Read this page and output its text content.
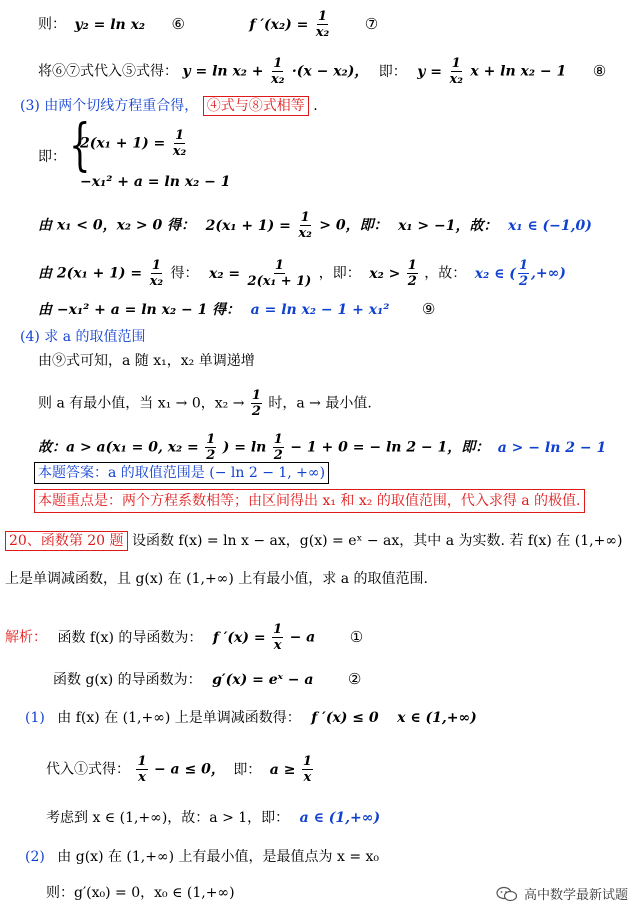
则： y₂ = ln x₂ ⑥	f $'(x_2) = \frac{1}{\text{x₂}}$ ⑦
将⑥⑦式代入⑤式得： $y = \ln x_2 + \frac{1}{\text{x₂}} \cdot(x - x_2)$， 即： $y = \frac{1}{\text{x₂}}$ x + ln x₂ − 1 ⑧
(3) 由两个切线方程重合得， ④式与⑧式相等 .
即： {
$2(x_1 + 1) = \frac{1}{\text{x₂}}$
−x₁² + a = ln x₂ − 1
由 x₁ < 0，x₂ > 0 得： $2(x_1 + 1) = \frac{1}{\text{x₂}} > 0$，即： x₁ > −1，故： x₁ ∈ (−1,0)
由 $2(x_1 + 1) = \frac{1}{\text{x₂}}$ 得： $x_2 = \frac{1}{\text{2(x₁ + 1)}}$ ，即： $x_2 > \frac{1}{2}$ ，故： x₂ ∈ ( $\frac{1}{2}$ ,+∞)
由 −x₁² + a = ln x₂ − 1 得： a = ln x₂ − 1 + x₁² ⑨
(4) 求 a 的取值范围
由⑨式可知，a 随 x₁，x₂ 单调递增
则 a 有最小值，当 x₁ → 0，$x_2 \to \frac{1}{2}$ 时，a → 最小值.
故：a > a(x₁ = 0, $x_2 = \frac{1}{2}$ ) = $\ln \frac{1}{2} - 1 + 0$ = − ln 2 − 1，即： a > − ln 2 − 1
本题答案：a 的取值范围是 (− ln 2 − 1, +∞)
本题重点是：两个方程系数相等；由区间得出 x₁ 和 x₂ 的取值范围，代入求得 a 的极值.
20、函数第 20 题 设函数 f(x) = ln x − ax，g(x) = eˣ − ax，其中 a 为实数. 若 f(x) 在 (1,+∞)
上是单调减函数，且 g(x) 在 (1,+∞) 上有最小值，求 a 的取值范围.
解析： 函数 f(x) 的导函数为： f $'(x) = \frac{1}{x} - a$ ①
函数 g(x) 的导函数为： g′(x) = eˣ − a ②
(1) 由 f(x) 在 (1,+∞) 上是单调减函数得： f ′(x) ≤ 0 x ∈ (1,+∞)
代入①式得： $\frac{1}{x} - a \le 0$， 即： $a \ge \frac{1}{x}$
考虑到 x ∈ (1,+∞)，故：a > 1，即： a ∈ (1,+∞)
(2) 由 g(x) 在 (1,+∞) 上有最小值，是最值点为 x = x₀
则：g′(x₀) = 0，x₀ ∈ (1,+∞)	高中数学最新试题
